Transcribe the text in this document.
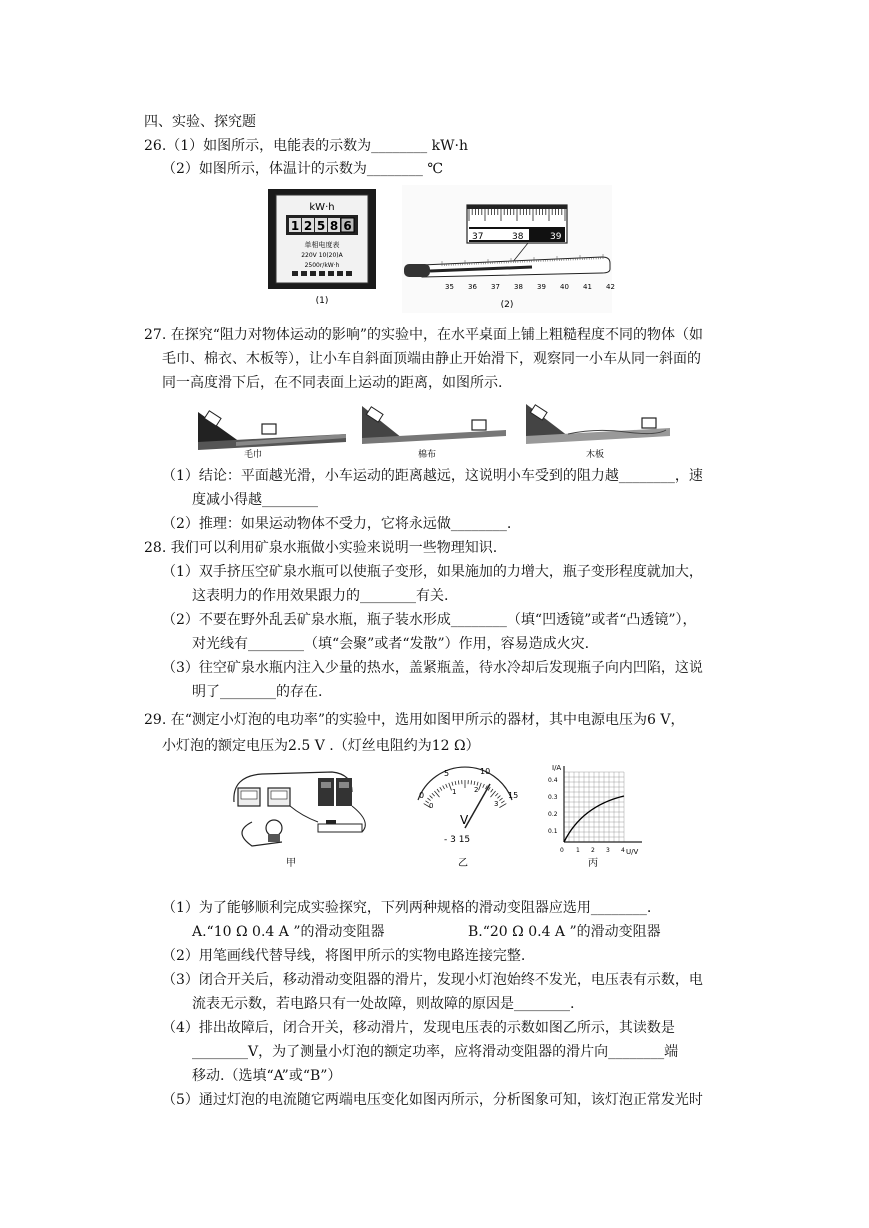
四、实验、探究题
26.（1）如图所示，电能表的示数为________ kW·h
（2）如图所示，体温计的示数为________ ℃
kW·h
1 2 5 8 6
单相电度表
220V 10(20)A
2500r/kW·h
(1)
37	38	39
35 36 37 38 39 40 41 42
(2)
27. 在探究“阻力对物体运动的影响”的实验中，在水平桌面上铺上粗糙程度不同的物体（如
毛巾、棉衣、木板等），让小车自斜面顶端由静止开始滑下，观察同一小车从同一斜面的
同一高度滑下后，在不同表面上运动的距离，如图所示.
毛巾	棉布	木板
（1）结论：平面越光滑，小车运动的距离越远，这说明小车受到的阻力越________，速
度减小得越________
（2）推理：如果运动物体不受力，它将永远做________.
28. 我们可以利用矿泉水瓶做小实验来说明一些物理知识.
（1）双手挤压空矿泉水瓶可以使瓶子变形，如果施加的力增大，瓶子变形程度就加大，
这表明力的作用效果跟力的________有关.
（2）不要在野外乱丢矿泉水瓶，瓶子装水形成________（填“凹透镜”或者“凸透镜”），
对光线有________（填“会聚”或者“发散”）作用，容易造成火灾.
（3）往空矿泉水瓶内注入少量的热水，盖紧瓶盖，待水冷却后发现瓶子向内凹陷，这说
明了________的存在.
29. 在“测定小灯泡的电功率”的实验中，选用如图甲所示的器材，其中电源电压为6 V，
小灯泡的额定电压为2.5 V .（灯丝电阻约为12 Ω）
甲
0
5	10
15
0
1	2
3
V
- 3 15
乙
I/A
U/V
0.4
0.3
0.2
0.1
0 1 2 3 4
丙
（1）为了能够顺利完成实验探究，下列两种规格的滑动变阻器应选用________.
A.“10 Ω 0.4 A ”的滑动变阻器	B.“20 Ω 0.4 A ”的滑动变阻器
（2）用笔画线代替导线，将图甲所示的实物电路连接完整.
（3）闭合开关后，移动滑动变阻器的滑片，发现小灯泡始终不发光，电压表有示数，电
流表无示数，若电路只有一处故障，则故障的原因是________.
（4）排出故障后，闭合开关，移动滑片，发现电压表的示数如图乙所示，其读数是
________V，为了测量小灯泡的额定功率，应将滑动变阻器的滑片向________端
移动.（选填“A”或“B”）
（5）通过灯泡的电流随它两端电压变化如图丙所示，分析图象可知，该灯泡正常发光时
